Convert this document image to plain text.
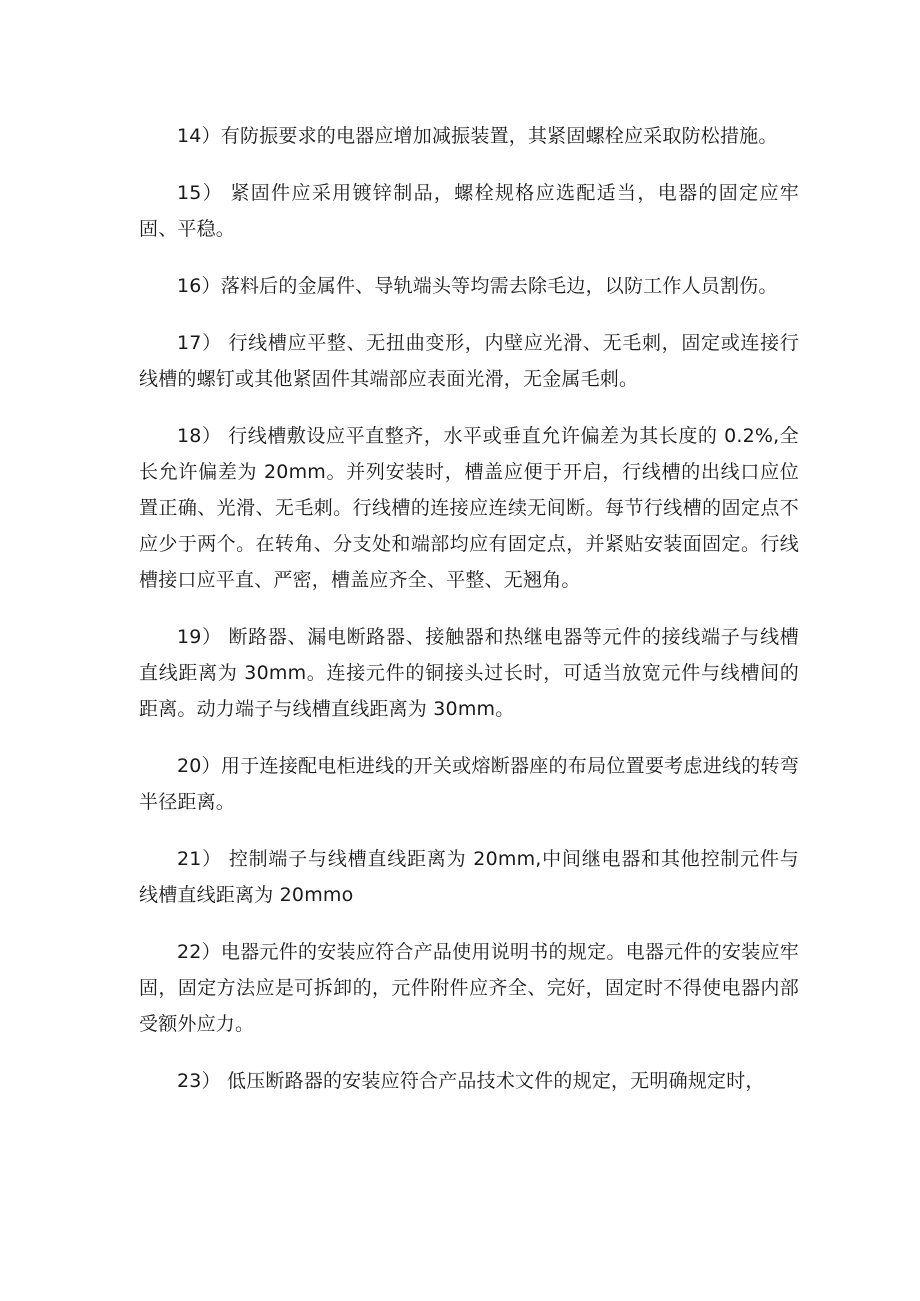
14）有防振要求的电器应增加减振装置，其紧固螺栓应采取防松措施。

15） 紧固件应采用镀锌制品，螺栓规格应选配适当，电器的固定应牢固、平稳。

16）落料后的金属件、导轨端头等均需去除毛边，以防工作人员割伤。

17） 行线槽应平整、无扭曲变形，内壁应光滑、无毛刺，固定或连接行线槽的螺钉或其他紧固件其端部应表面光滑，无金属毛刺。

18） 行线槽敷设应平直整齐，水平或垂直允许偏差为其长度的 0.2%,全长允许偏差为 20mm。并列安装时，槽盖应便于开启，行线槽的出线口应位置正确、光滑、无毛刺。行线槽的连接应连续无间断。每节行线槽的固定点不应少于两个。在转角、分支处和端部均应有固定点，并紧贴安装面固定。行线槽接口应平直、严密，槽盖应齐全、平整、无翘角。

19） 断路器、漏电断路器、接触器和热继电器等元件的接线端子与线槽直线距离为 30mm。连接元件的铜接头过长时，可适当放宽元件与线槽间的距离。动力端子与线槽直线距离为 30mm。

20）用于连接配电柜进线的开关或熔断器座的布局位置要考虑进线的转弯半径距离。

21） 控制端子与线槽直线距离为 20mm,中间继电器和其他控制元件与线槽直线距离为 20mmo

22）电器元件的安装应符合产品使用说明书的规定。电器元件的安装应牢固，固定方法应是可拆卸的，元件附件应齐全、完好，固定时不得使电器内部受额外应力。

23） 低压断路器的安装应符合产品技术文件的规定，无明确规定时，
